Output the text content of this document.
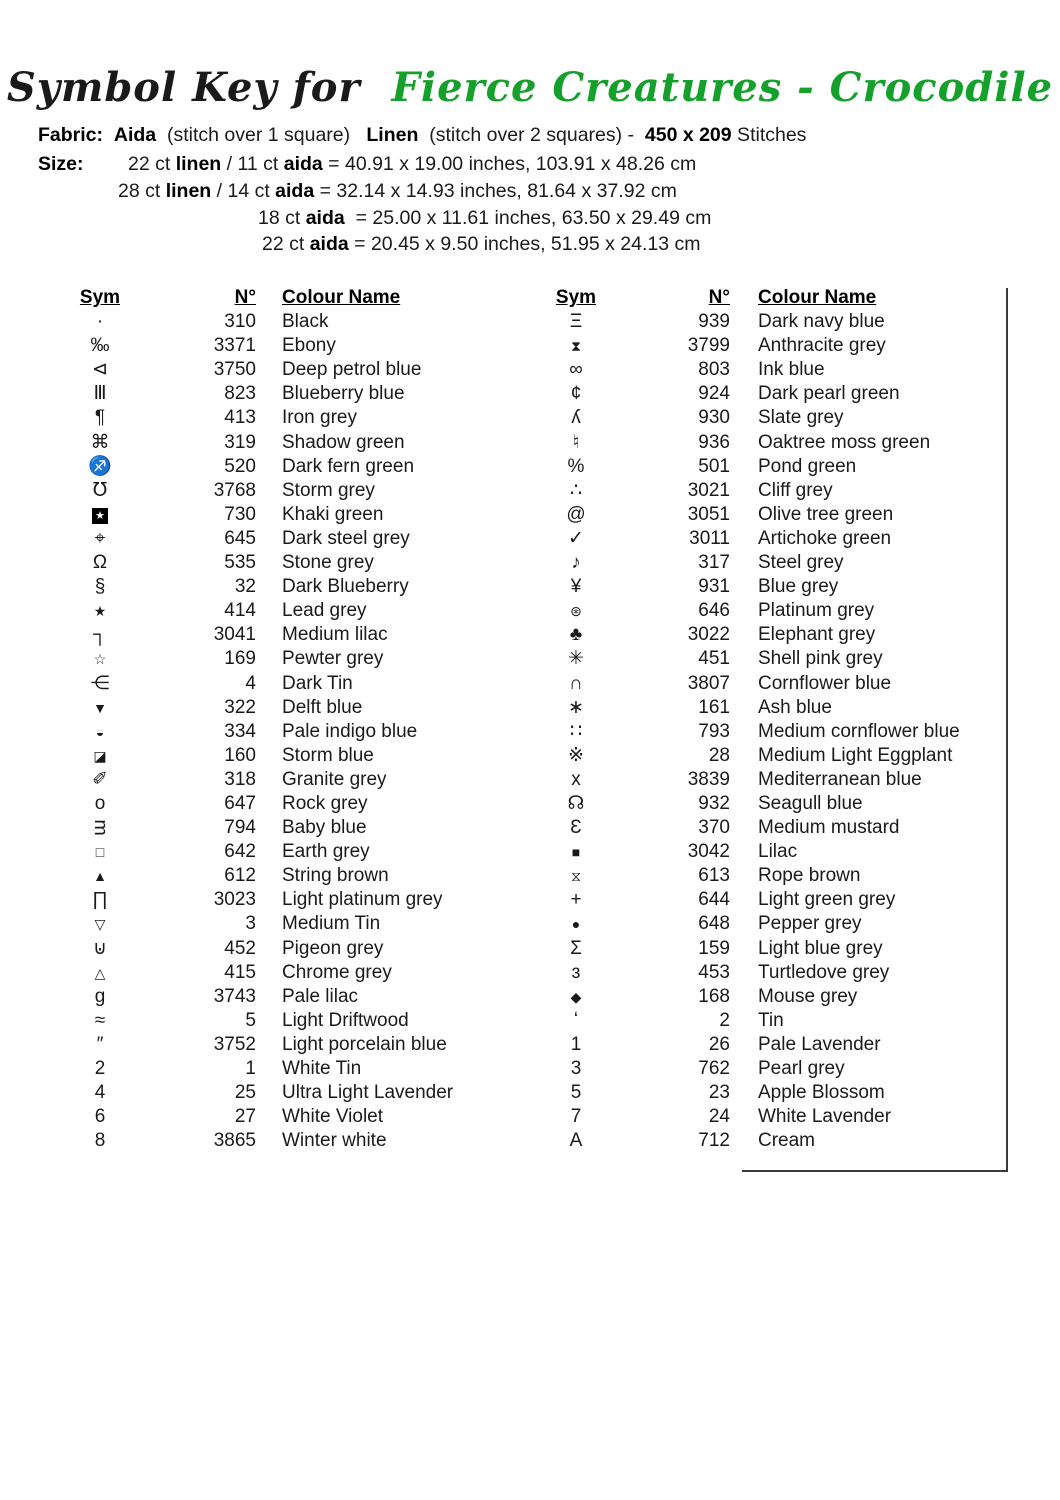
Symbol Key for Fierce Creatures - Crocodile
Fabric: Aida  (stitch over 1 square)   Linen  (stitch over 2 squares) -  450 x 209 Stitches
Size:	22 ct linen / 11 ct aida = 40.91 x 19.00 inches, 103.91 x 48.26 cm
28 ct linen / 14 ct aida = 32.14 x 14.93 inches, 81.64 x 37.92 cm
18 ct aida  = 25.00 x 11.61 inches, 63.50 x 29.49 cm
22 ct aida = 20.45 x 9.50 inches, 51.95 x 24.13 cm
Sym	N° Colour Name
·	310 Black
‰	3371 Ebony
⊲	3750 Deep petrol blue
Ⅲ	823 Blueberry blue
¶	413 Iron grey
⌘	319 Shadow green
♐	520 Dark fern green
℧	3768 Storm grey
★	730 Khaki green
⌖	645 Dark steel grey
Ω	535 Stone grey
§	32 Dark Blueberry
★	414 Lead grey
┐	3041 Medium lilac
☆	169 Pewter grey
⋲	4 Dark Tin
▼	322 Delft blue
◒	334 Pale indigo blue
◪	160 Storm blue
✐	318 Granite grey
o	647 Rock grey
ᴟ	794 Baby blue
□	642 Earth grey
▲	612 String brown
∏	3023 Light platinum grey
▽	3 Medium Tin
⊍	452 Pigeon grey
△	415 Chrome grey
g	3743 Pale lilac
≈	5 Light Driftwood
″	3752 Light porcelain blue
2	1 White Tin
4	25 Ultra Light Lavender
6	27 White Violet
8	3865 Winter white
Sym	N° Colour Name
Ξ	939 Dark navy blue
⧗	3799 Anthracite grey
∞	803 Ink blue
¢	924 Dark pearl green
ʎ	930 Slate grey
♮	936 Oaktree moss green
%	501 Pond green
∴	3021 Cliff grey
@	3051 Olive tree green
✓	3011 Artichoke green
♪	317 Steel grey
¥	931 Blue grey
⊛	646 Platinum grey
♣	3022 Elephant grey
✳	451 Shell pink grey
∩	3807 Cornflower blue
∗	161 Ash blue
∷	793 Medium cornflower blue
※	28 Medium Light Eggplant
x	3839 Mediterranean blue
☊	932 Seagull blue
Ɛ	370 Medium mustard
■	3042 Lilac
⧖	613 Rope brown
+	644 Light green grey
●	648 Pepper grey
Σ	159 Light blue grey
ɜ	453 Turtledove grey
◆	168 Mouse grey
ʻ	2 Tin
1	26 Pale Lavender
3	762 Pearl grey
5	23 Apple Blossom
7	24 White Lavender
A	712 Cream
